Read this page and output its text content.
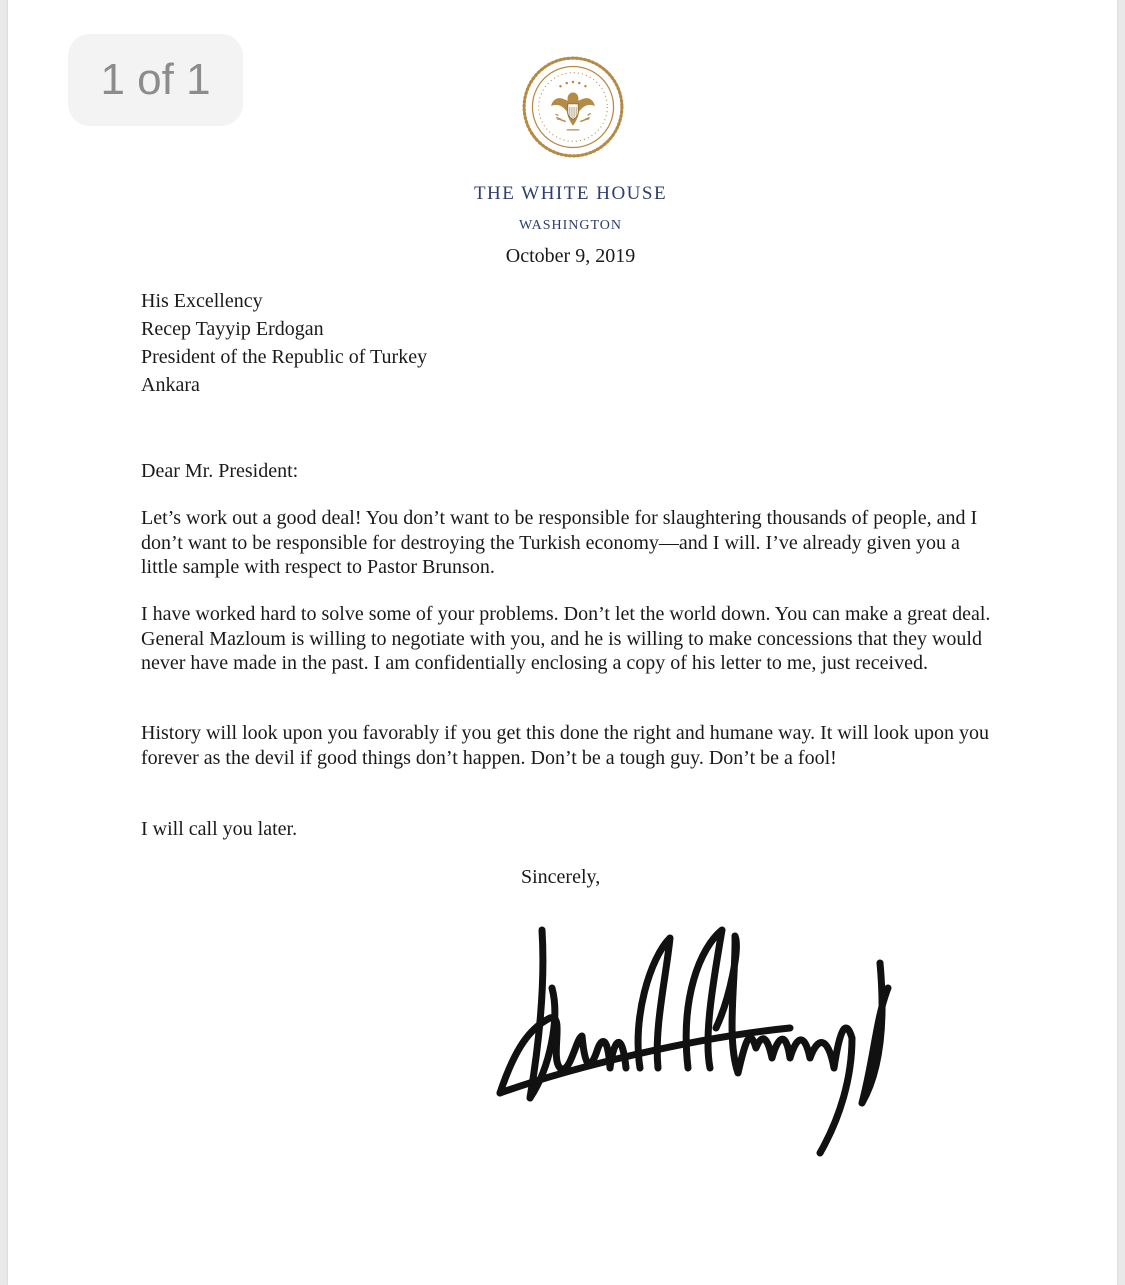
1 of 1
THE WHITE HOUSE
WASHINGTON
October 9, 2019
His Excellency
Recep Tayyip Erdogan
President of the Republic of Turkey
Ankara

Dear Mr. President:

Let’s work out a good deal! You don’t want to be responsible for slaughtering thousands of people, and I don’t want to be responsible for destroying the Turkish economy—and I will. I’ve already given you a little sample with respect to Pastor Brunson.

I have worked hard to solve some of your problems. Don’t let the world down. You can make a great deal. General Mazloum is willing to negotiate with you, and he is willing to make concessions that they would never have made in the past. I am confidentially enclosing a copy of his letter to me, just received.

History will look upon you favorably if you get this done the right and humane way. It will look upon you forever as the devil if good things don’t happen. Don’t be a tough guy. Don’t be a fool!

I will call you later.

Sincerely,
